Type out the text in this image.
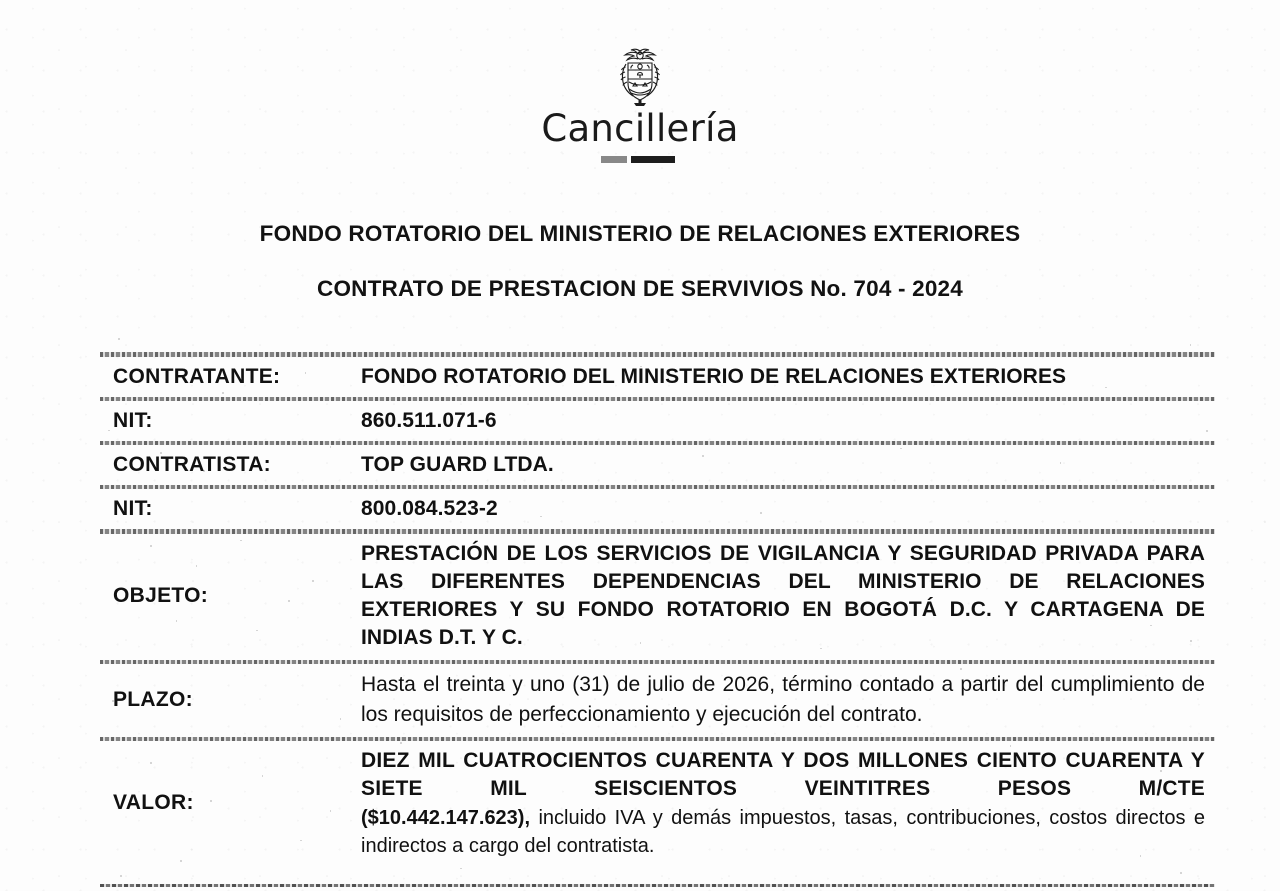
Cancillería
FONDO ROTATORIO DEL MINISTERIO DE RELACIONES EXTERIORES
CONTRATO DE PRESTACION DE SERVIVIOS No. 704 - 2024

CONTRATANTE:	FONDO ROTATORIO DEL MINISTERIO DE RELACIONES EXTERIORES

NIT:	860.511.071-6

CONTRATISTA:	TOP GUARD LTDA.

NIT:	800.084.523-2

OBJETO:	PRESTACIÓN DE LOS SERVICIOS DE VIGILANCIA Y SEGURIDAD PRIVADA PARA LAS DIFERENTES DEPENDENCIAS DEL MINISTERIO DE RELACIONES EXTERIORES Y SU FONDO ROTATORIO EN BOGOTÁ D.C. Y CARTAGENA DE INDIAS D.T. Y C.

PLAZO:	Hasta el treinta y uno (31) de julio de 2026, término contado a partir del cumplimiento de los requisitos de perfeccionamiento y ejecución del contrato.

VALOR:	DIEZ MIL CUATROCIENTOS CUARENTA Y DOS MILLONES CIENTO CUARENTA Y SIETE MIL SEISCIENTOS VEINTITRES PESOS M/CTE
($10.442.147.623), incluido IVA y demás impuestos, tasas, contribuciones, costos directos e indirectos a cargo del contratista.
